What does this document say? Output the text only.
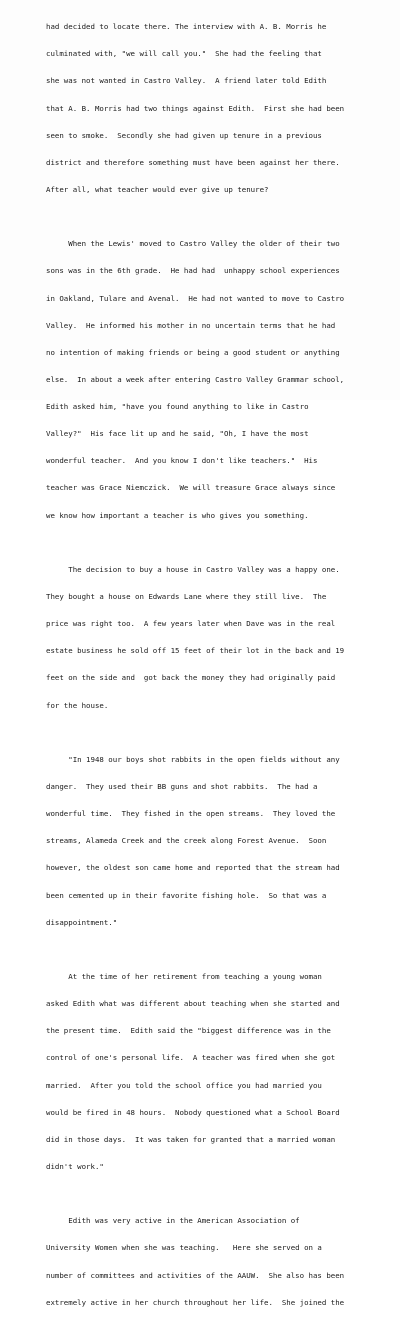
had decided to locate there. The interview with A. B. Morris he

culminated with, "we will call you."  She had the feeling that

she was not wanted in Castro Valley.  A friend later told Edith

that A. B. Morris had two things against Edith.  First she had been

seen to smoke.  Secondly she had given up tenure in a previous

district and therefore something must have been against her there.

After all, what teacher would ever give up tenure?

When the Lewis' moved to Castro Valley the older of their two

sons was in the 6th grade.  He had had  unhappy school experiences

in Oakland, Tulare and Avenal.  He had not wanted to move to Castro

Valley.  He informed his mother in no uncertain terms that he had

no intention of making friends or being a good student or anything

else.  In about a week after entering Castro Valley Grammar school,

Edith asked him, "have you found anything to like in Castro

Valley?"  His face lit up and he said, "Oh, I have the most

wonderful teacher.  And you know I don't like teachers."  His

teacher was Grace Niemczick.  We will treasure Grace always since

we know how important a teacher is who gives you something.

The decision to buy a house in Castro Valley was a happy one.

They bought a house on Edwards Lane where they still live.  The

price was right too.  A few years later when Dave was in the real

estate business he sold off 15 feet of their lot in the back and 19

feet on the side and  got back the money they had originally paid

for the house.

"In 1948 our boys shot rabbits in the open fields without any

danger.  They used their BB guns and shot rabbits.  The had a

wonderful time.  They fished in the open streams.  They loved the

streams, Alameda Creek and the creek along Forest Avenue.  Soon

however, the oldest son came home and reported that the stream had

been cemented up in their favorite fishing hole.  So that was a

disappointment."

At the time of her retirement from teaching a young woman

asked Edith what was different about teaching when she started and

the present time.  Edith said the "biggest difference was in the

control of one's personal life.  A teacher was fired when she got

married.  After you told the school office you had married you

would be fired in 48 hours.  Nobody questioned what a School Board

did in those days.  It was taken for granted that a married woman

didn't work."

Edith was very active in the American Association of

University Women when she was teaching.   Here she served on a

number of committees and activities of the AAUW.  She also has been

extremely active in her church throughout her life.  She joined the
